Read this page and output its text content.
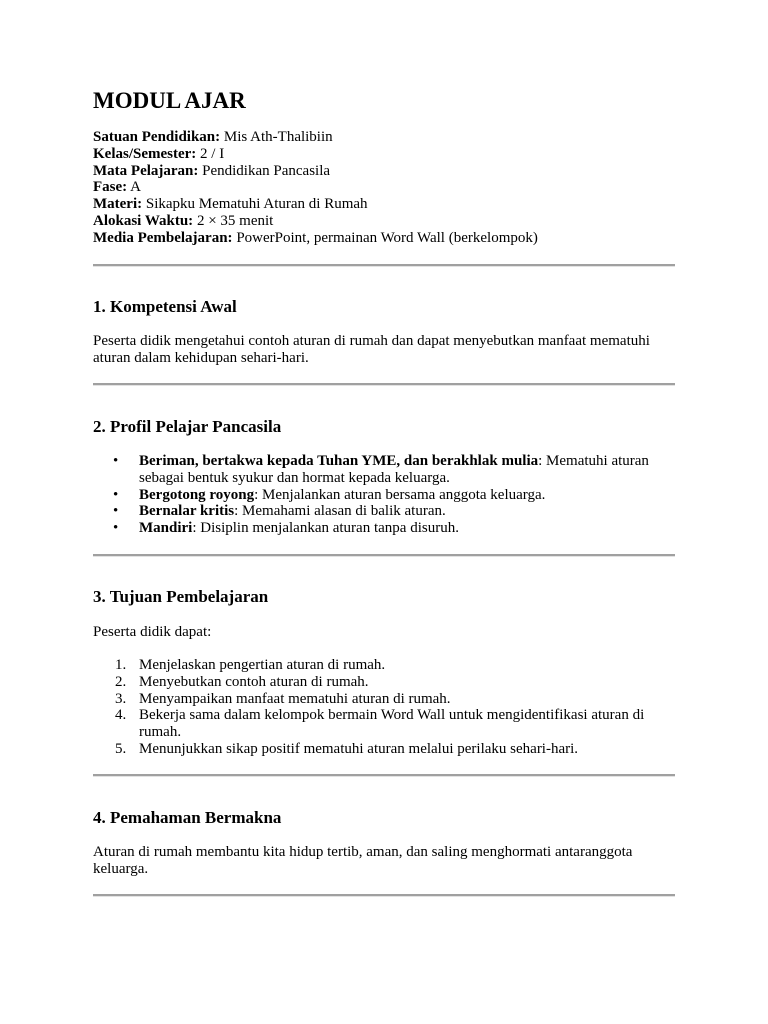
MODUL AJAR
Satuan Pendidikan: Mis Ath-Thalibiin
Kelas/Semester: 2 / I
Mata Pelajaran: Pendidikan Pancasila
Fase: A
Materi: Sikapku Mematuhi Aturan di Rumah
Alokasi Waktu: 2 × 35 menit
Media Pembelajaran: PowerPoint, permainan Word Wall (berkelompok)
1. Kompetensi Awal

Peserta didik mengetahui contoh aturan di rumah dan dapat menyebutkan manfaat mematuhi aturan dalam kehidupan sehari-hari.

2. Profil Pelajar Pancasila
• Beriman, bertakwa kepada Tuhan YME, dan berakhlak mulia: Mematuhi aturan sebagai bentuk syukur dan hormat kepada keluarga.
• Bergotong royong: Menjalankan aturan bersama anggota keluarga.
• Bernalar kritis: Memahami alasan di balik aturan.
• Mandiri: Disiplin menjalankan aturan tanpa disuruh.
3. Tujuan Pembelajaran

Peserta didik dapat:

1. Menjelaskan pengertian aturan di rumah.
2. Menyebutkan contoh aturan di rumah.
3. Menyampaikan manfaat mematuhi aturan di rumah.
4. Bekerja sama dalam kelompok bermain Word Wall untuk mengidentifikasi aturan di rumah.
5. Menunjukkan sikap positif mematuhi aturan melalui perilaku sehari-hari.
4. Pemahaman Bermakna

Aturan di rumah membantu kita hidup tertib, aman, dan saling menghormati antaranggota keluarga.
